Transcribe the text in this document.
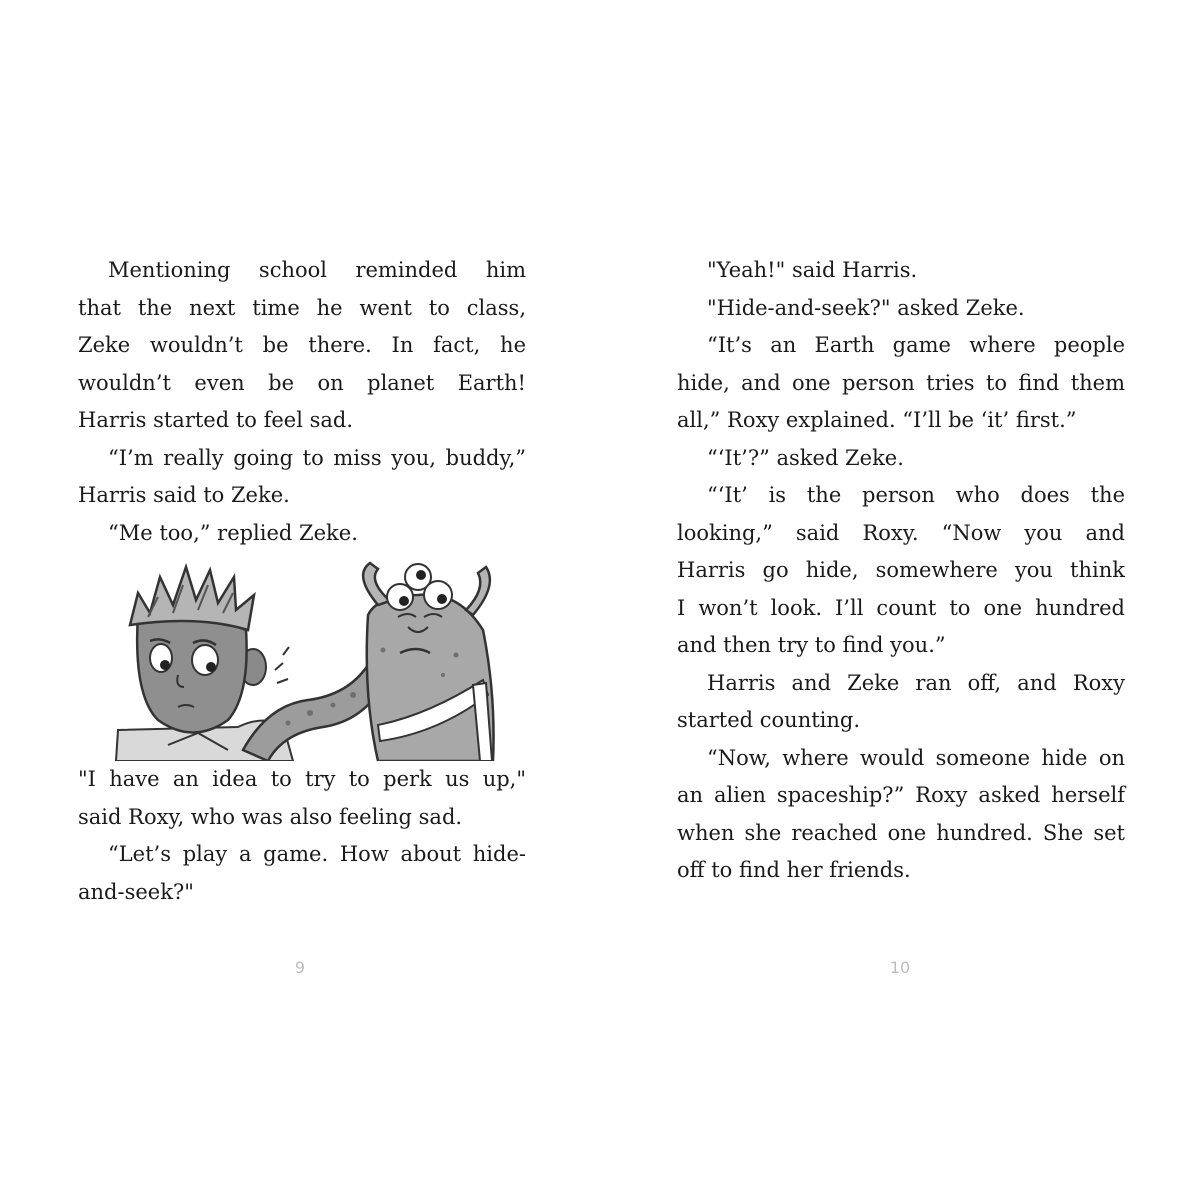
Mentioning school reminded him
that the next time he went to class,
Zeke wouldn’t be there. In fact, he
wouldn’t even be on planet Earth!
Harris started to feel sad.
“I’m really going to miss you, buddy,”
Harris said to Zeke.
“Me too,” replied Zeke.
"I have an idea to try to perk us up,"
said Roxy, who was also feeling sad.
“Let’s play a game. How about hide-
and-seek?"
"Yeah!" said Harris.
"Hide-and-seek?" asked Zeke.
“It’s an Earth game where people
hide, and one person tries to find them
all,” Roxy explained. “I’ll be ‘it’ first.”
“‘It’?” asked Zeke.
“‘It’ is the person who does the
looking,” said Roxy. “Now you and
Harris go hide, somewhere you think
I won’t look. I’ll count to one hundred
and then try to find you.”
Harris and Zeke ran off, and Roxy
started counting.
“Now, where would someone hide on
an alien spaceship?” Roxy asked herself
when she reached one hundred. She set
off to find her friends.
9	10
